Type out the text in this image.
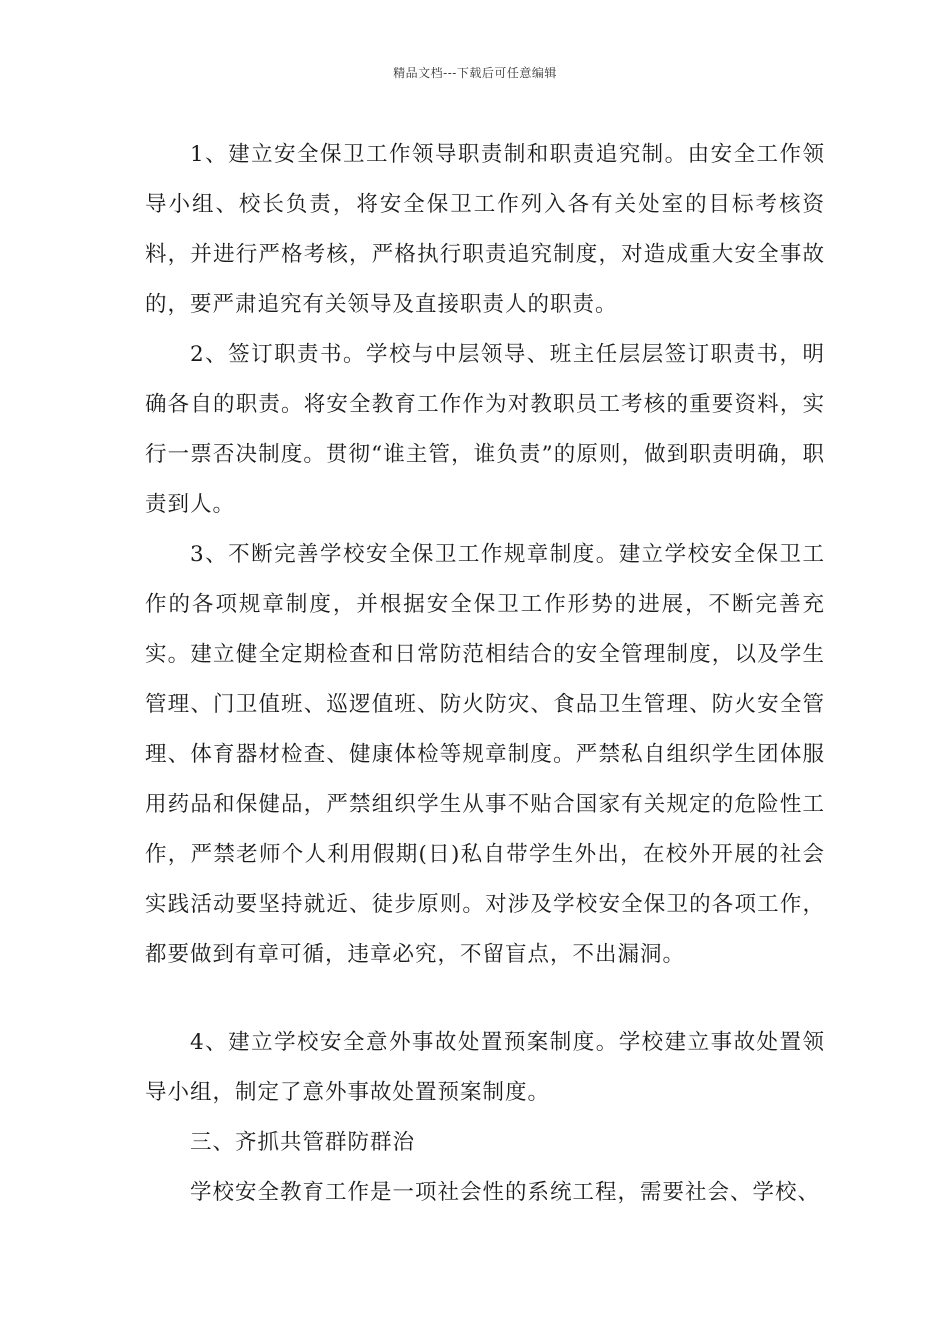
精品文档---下载后可任意编辑

1、建立安全保卫工作领导职责制和职责追究制。由安全工作领导小组、校长负责，将安全保卫工作列入各有关处室的目标考核资料，并进行严格考核，严格执行职责追究制度，对造成重大安全事故的，要严肃追究有关领导及直接职责人的职责。

2、签订职责书。学校与中层领导、班主任层层签订职责书，明确各自的职责。将安全教育工作作为对教职员工考核的重要资料，实行一票否决制度。贯彻“谁主管，谁负责”的原则，做到职责明确，职责到人。

3、不断完善学校安全保卫工作规章制度。建立学校安全保卫工作的各项规章制度，并根据安全保卫工作形势的进展，不断完善充实。建立健全定期检查和日常防范相结合的安全管理制度，以及学生管理、门卫值班、巡逻值班、防火防灾、食品卫生管理、防火安全管理、体育器材检查、健康体检等规章制度。严禁私自组织学生团体服用药品和保健品，严禁组织学生从事不贴合国家有关规定的危险性工作，严禁老师个人利用假期(日)私自带学生外出，在校外开展的社会实践活动要坚持就近、徒步原则。对涉及学校安全保卫的各项工作，都要做到有章可循，违章必究，不留盲点，不出漏洞。

4、建立学校安全意外事故处置预案制度。学校建立事故处置领导小组，制定了意外事故处置预案制度。

三、齐抓共管群防群治

学校安全教育工作是一项社会性的系统工程，需要社会、学校、
